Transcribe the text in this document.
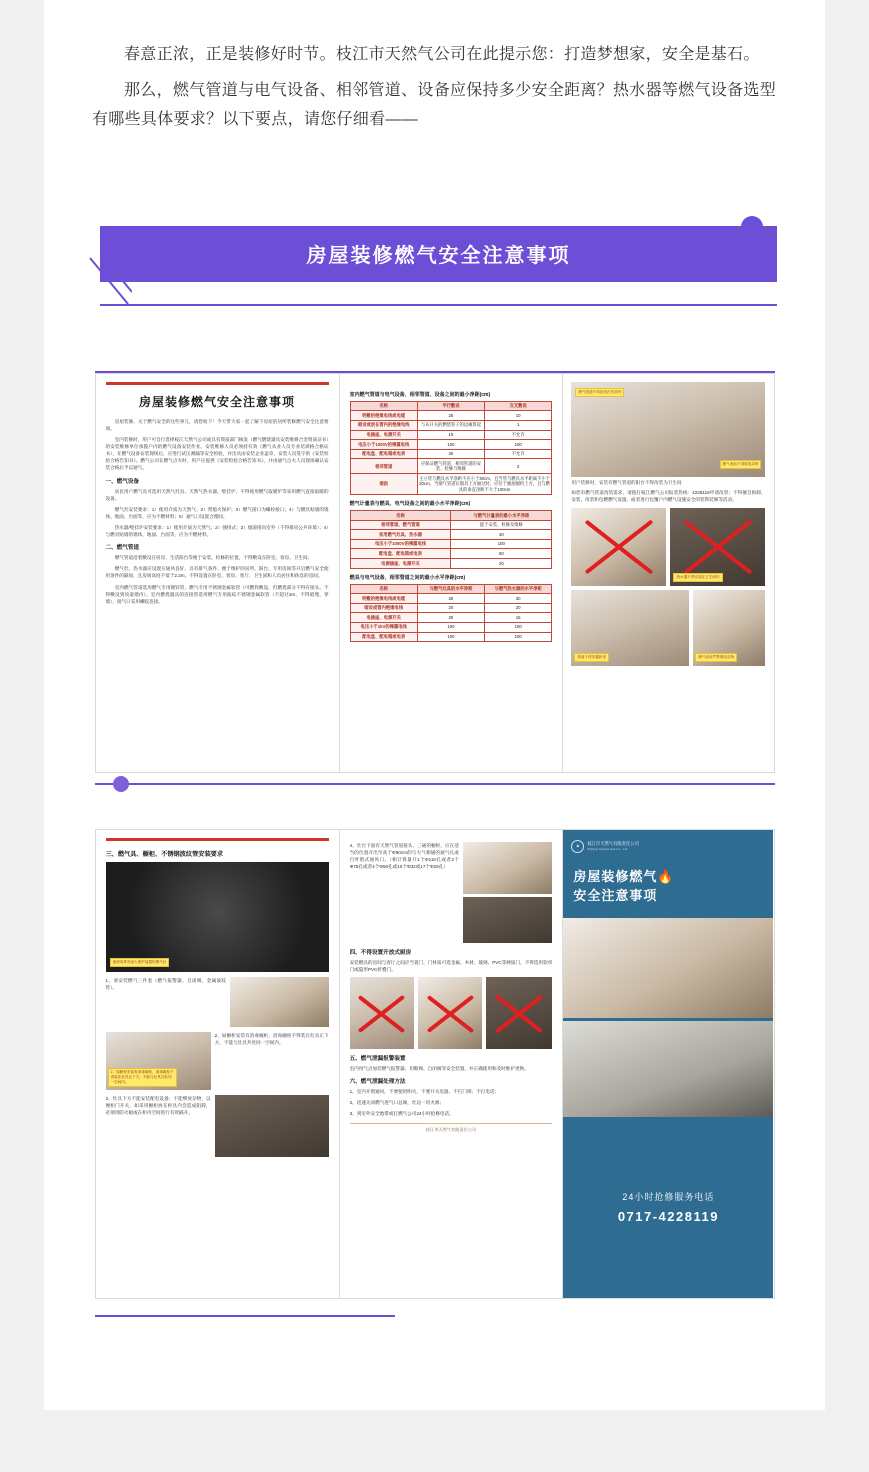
春意正浓，正是装修好时节。枝江市天然气公司在此提示您：打造梦想家，安全是基石。

那么，燃气管道与电气设备、相邻管道、设备应保持多少安全距离？热水器等燃气设备选型有哪些具体要求？以下要点，请您仔细看——

房屋装修燃气安全注意事项
房屋装修燃气安全注意事项

房屋装修，关于燃气安全的这些事儿，请您收下！今天带大家一起了解下房屋的居所装修燃气安全注意要项。

室内装修时，用户可自行选择枝江天然气公司或具有资质部门核发（燃气燃烧器具安装维修合金资质证书）的安装维修单位承揽户内的燃气设备安装作业。安装维修人员必须持有效（燃气从业人员专业培训格合格证书），在燃气设备安装现场后，应进行试压测漏等安全检验，并出具由安装企业盖章、安装人员签字的《安装检验合格告知书》。燃气公司在燃气点火时，用户应提供《安装检验合格告知书》，并由通气点火人员现场确认安装合格后予以通气。

一、燃气设备

居民用户燃气具可选用天然气灶具、天然气热水器、壁挂炉，不得使用燃气取暖炉等采用燃气直接取暖的设备。

燃气灶安装要求：1）使用介质为天然气；2）带熄火保护；3）燃气接口为螺栓接口；4）与燃具贴墙的墙体、地面、台面等，应为不燃材料；5）通气口设置合理间。

热水器/壁挂炉安装要求：1）使用介质为天然气；2）强排式；3）烟道排向室外（不得排向公共环境）；4）与燃具贴墙的墙体、地面、台面等，应为不燃材料。

二、燃气管道

燃气管道沿着敷设在居房、生活阳台等便于安装、检修的位置，不得敷设在卧室、客房、卫生间。

燃气灶、热水器应设置在通风良好、具有排气条件、便于维护的居所，阳台、专用房间等开启燃气安全使用条件的隔间，且房间高度不低于2.2m，不得设置在卧室、客房、客厅、卫生间和人员居住和休息的房间。

室内燃气管道选用燃气专用镀锌管、燃气专用不锈钢金属软管（可燃焊敷设，但燃烧部分不得有接头、不得敷设到顶道墙内）。室内燃烧器具的连接管选用燃气专用波纹不锈钢金属软管（不超过2m、不得暗埋、穿墙），接气口采用螺纹连接。

室内燃气管道与电气设备、相邻管道、设备之间的最小净距(cm)
名称	平行敷设	交叉敷设
明敷的绝缘电线或电缆	25	10
暗设或放在管内的绝缘电线	与从开关的燃烧管子的边缘算起	1
电插座、电源开关	15	不允许
电压小于1000V的裸露电线	100	100
配电盘、配电箱或电表	30	不允许
相邻管道	应保证燃气管道、相邻管道的安装、检修与维修	2
烟囱	主立管与燃具水平净距不应小于30cm，且当管与燃具水平距离不小于20cm，当烟气管道在烟具上方通过时，应位于抽油烟机上方，且与燃具的垂直净距不大于100cm	
燃气计量表与燃具、电气设备之间的最小水平净距(cm)
名称	与燃气计量表的最小水平净距
相邻管道、燃气管道	能于安装、检修及维修
家用燃气灶具、热水器	30
电压小于1000V的裸露电线	100
配电盘、配电箱或电表	50
电源插座、电源开关	20
燃具与电气设备、相邻管道之间的最小水平净距(cm)
名称	与燃气灶具的水平净距	与燃气热水器的水平净距
明敷的绝缘电线或电缆	30	30
暗设或管内绝缘电线	20	20
电插座、电源开关	30	15
电压小于1kV的裸露电线	100	100
配电盘、配电箱或电表	100	100
燃气管道不得封闭在吊顶内
燃气表前不得堆放杂物
用户装修时，安装有燃气管道的阳台不得改装为卫生间
如您有燃气管道改装需求，请拨打枝江燃气公司报装热线：4228119申请改管；不得擅自拆卸、安装、改装和包燃燃气设施，或者进行包覆户内燃气设施安全的装饰装修等活动。
热水器不得安装在卫生间内
管道不得穿越卧室	燃气表前严禁堆放杂物
三、燃气具、橱柜、不锈钢波纹管安装要求
请使用带有涂火保护装置的燃气灶
1、请安装燃气三件套（燃气报警器、自闭阀、金属波纹管）。
2、如橱柜安装有消毒碗柜，消毒碗柜不得装在灶具正下方，不能与灶具共处同一空间内。
2、如橱柜安装有消毒碗柜，消毒碗柜不得装在灶具正下方，不能与灶具共处同一空间内。
3、灶具下方不能安装配电设备；不能绑放杂物，以便柜门开关，如采用橱柜放在柜具内会造成阻碍，必须用防火板或在柜内空间进行有效隔开。
4、灶台下面有天然气管道接头、三通的橱柜，应在适当的位置开出至高于Φ90cm的与大气相通的通气孔或百叶窗式通风口。（相计算量开1个Φ110孔或者2个Φ75孔或者4个Φ50孔或10个Φ32或17个Φ25孔）
四、不得设置开放式厨房
安装燃具的房间与客厅之间应当置门，门材质可选金属、木材、玻璃、PVC等硬质门，不得选用软帘门或隐形PVC折叠门。
五、燃气泄漏报警装置
室内用气点加装燃气报警器、切断阀、自闭阀等安全装置，并正确使用和及时维护更换。
六、燃气泄漏处理方法
1、室内开窗通风，不要使用明火，不要开关电器、不打门锁；不打电话；
2、迅速关闭燃气进气口总阀，灶边一切火源；
3、到室外安全地带或打燃气公司24小时抢修电话。
枝江市天然气有限责任公司
▲
枝江市天然气有限责任公司
Zhijiang Natural Gas Co., Ltd.
房屋装修燃气🔥
安全注意事项
24小时抢修服务电话
0717-4228119
